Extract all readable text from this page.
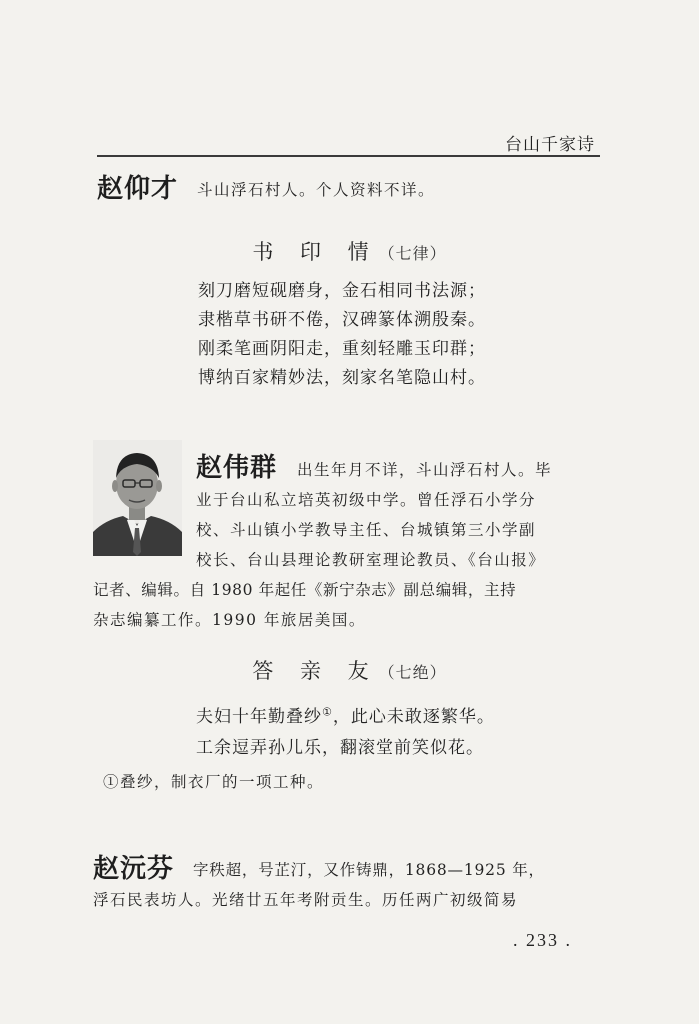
台山千家诗
赵仰才 斗山浮石村人。个人资料不详。
书 印 情（七律）
刻刀磨短砚磨身，金石相同书法源；
隶楷草书研不倦，汉碑篆体溯殷秦。
刚柔笔画阴阳走，重刻轻雕玉印群；
博纳百家精妙法，刻家名笔隐山村。
赵伟群 出生年月不详，斗山浮石村人。毕
业于台山私立培英初级中学。曾任浮石小学分
校、斗山镇小学教导主任、台城镇第三小学副
校长、台山县理论教研室理论教员、《台山报》
记者、编辑。自 1980 年起任《新宁杂志》副总编辑，主持
杂志编纂工作。1990 年旅居美国。
答 亲 友（七绝）
夫妇十年勤叠纱①，此心未敢逐繁华。
工余逗弄孙儿乐，翻滚堂前笑似花。
①叠纱，制衣厂的一项工种。
赵沅芬 字秩超，号芷汀，又作铸鼎，1868—1925 年，
浮石民表坊人。光绪廿五年考附贡生。历任两广初级简易
. 233 .
